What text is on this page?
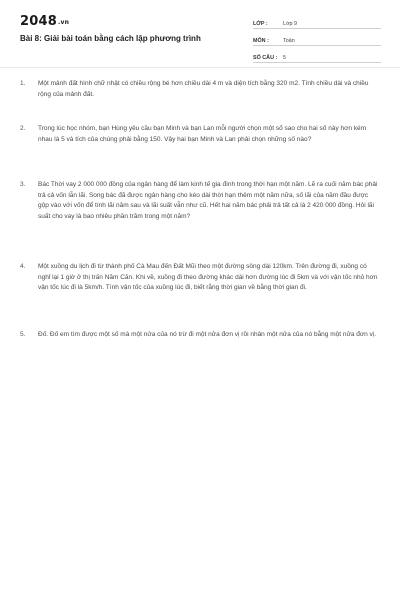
2048.vn
Bài 8: Giải bài toán bằng cách lập phương trình
LỚP :	Lớp 9
MÔN :	Toán
SỐ CÂU :	5
1.	Một mảnh đất hình chữ nhật có chiều rộng bé hơn chiều dài 4 m và diện tích bằng 320 m2. Tính chiều dài và chiều rộng của mảnh đất.
2.	Trong lúc học nhóm, bạn Hùng yêu cầu bạn Minh và bạn Lan mỗi người chọn một số sao cho hai số này hơn kém nhau là 5 và tích của chúng phải bằng 150. Vậy hai bạn Minh và Lan phải chọn những số nào?
3.	Bác Thời vay 2 000 000 đồng của ngân hàng để làm kinh tế gia đình trong thời hạn một năm. Lẽ ra cuối năm bác phải trả cả vốn lẫn lãi. Song bác đã được ngân hàng cho kéo dài thời hạn thêm một năm nữa, số lãi của năm đầu được gộp vào với vốn để tính lãi năm sau và lãi suất vẫn như cũ. Hết hai năm bác phải trả tất cả là 2 420 000 đồng. Hỏi lãi suất cho vay là bao nhiêu phần trăm trong một năm?
4.	Một xuồng du lịch đi từ thành phố Cà Mau đến Đất Mũi theo một đường sông dài 120km. Trên đường đi, xuồng có nghỉ lại 1 giờ ở thị trấn Năm Căn. Khi về, xuồng đi theo đường khác dài hơn đường lúc đi 5km và với vận tốc nhỏ hơn vận tốc lúc đi là 5km/h. Tính vận tốc của xuồng lúc đi, biết rằng thời gian về bằng thời gian đi.
5.	Đố. Đố em tìm được một số mà một nửa của nó trừ đi một nửa đơn vị rồi nhân một nửa của nó bằng một nửa đơn vị.
